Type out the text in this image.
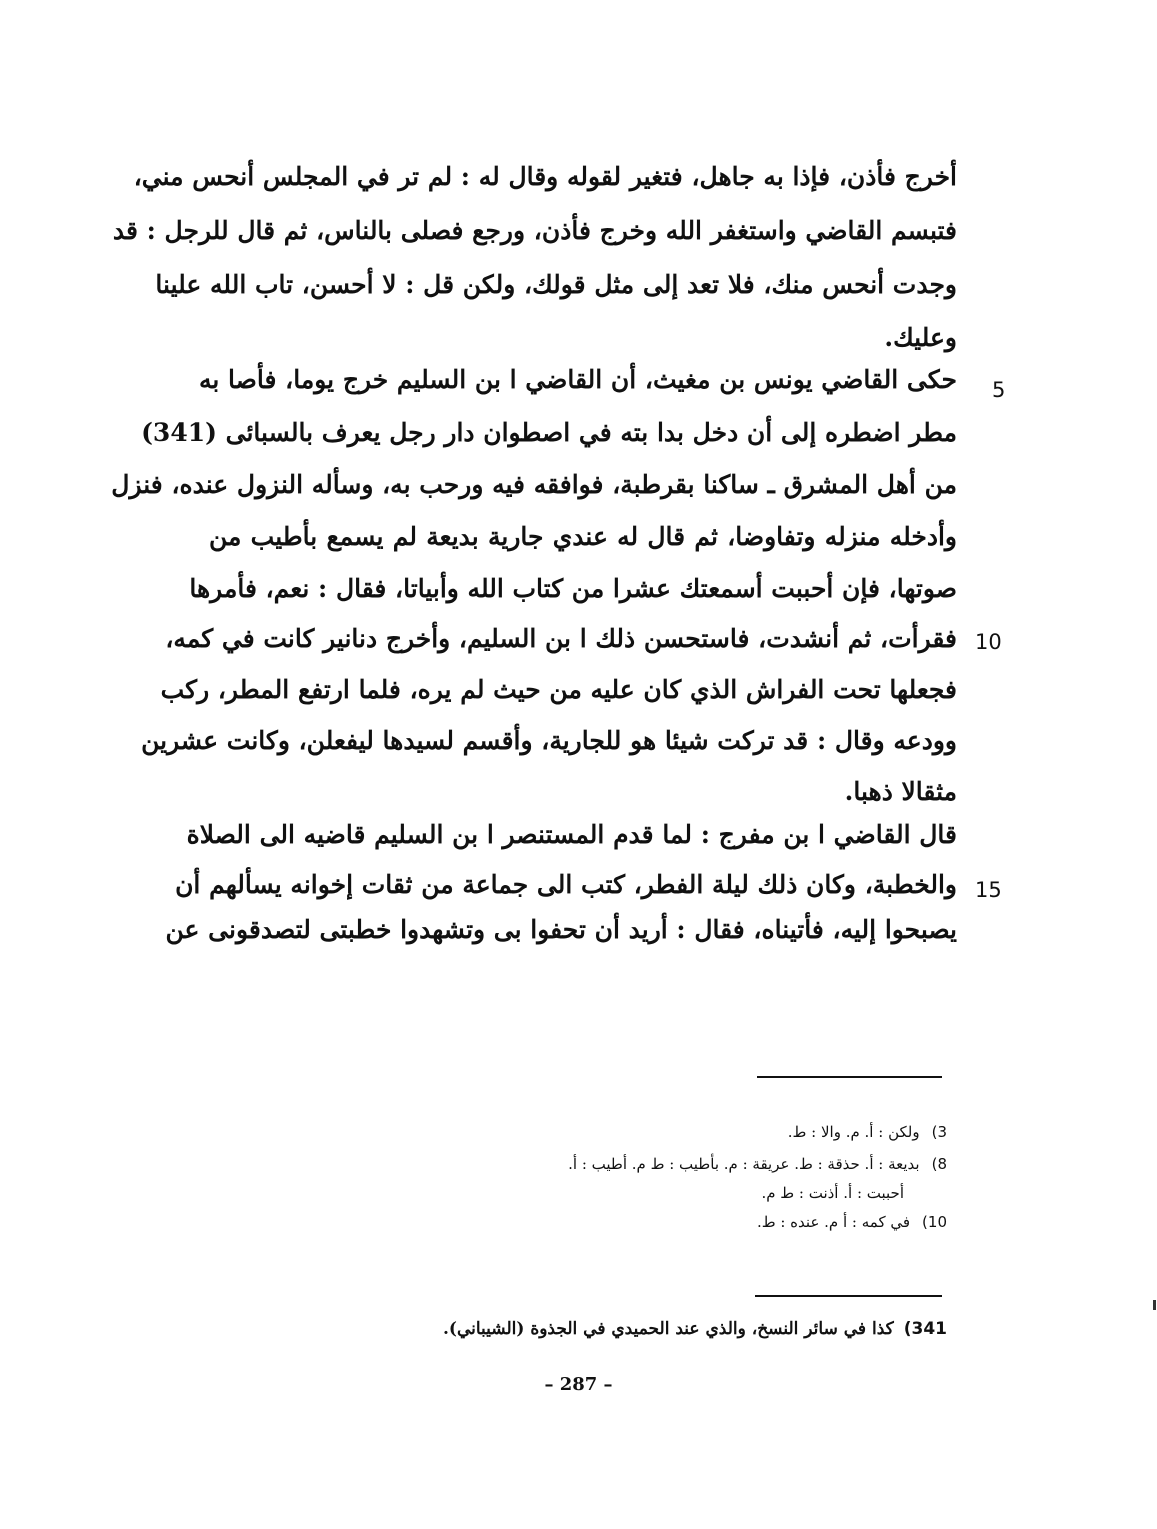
أخرج فأذن، فإذا به جاهل، فتغير لقوله وقال له : لم تر في المجلس أنحس مني،
فتبسم القاضي واستغفر الله وخرج فأذن، ورجع فصلى بالناس، ثم قال للرجل : قد
وجدت أنحس منك، فلا تعد إلى مثل قولك، ولكن قل : لا أحسن، تاب الله علينا
وعليك.
حكى القاضي يونس بن مغيث، أن القاضي ا بن السليم خرج يوما، فأصا به
مطر اضطره إلى أن دخل بدا بته في اصطوان دار رجل يعرف بالسبائى (341)
من أهل المشرق ـ ساكنا بقرطبة، فوافقه فيه ورحب به، وسأله النزول عنده، فنزل
وأدخله منزله وتفاوضا، ثم قال له عندي جارية بديعة لم يسمع بأطيب من
صوتها، فإن أحببت أسمعتك عشرا من كتاب الله وأبياتا، فقال : نعم، فأمرها
فقرأت، ثم أنشدت، فاستحسن ذلك ا بن السليم، وأخرج دنانير كانت في كمه،
فجعلها تحت الفراش الذي كان عليه من حيث لم يره، فلما ارتفع المطر، ركب
وودعه وقال : قد تركت شيئا هو للجارية، وأقسم لسيدها ليفعلن، وكانت عشرين
مثقالا ذهبا.
قال القاضي ا بن مفرج : لما قدم المستنصر ا بن السليم قاضيه الى الصلاة
والخطبة، وكان ذلك ليلة الفطر، كتب الى جماعة من ثقات إخوانه يسألهم أن
يصبحوا إليه، فأتيناه، فقال : أريد أن تحفوا بى وتشهدوا خطبتى لتصدقونى عن
5
10
15
3)ولكن : أ. م. والا : ط.
8)بديعة : أ. حذقة : ط. عريقة : م. بأطيب : ط م. أطيب : أ.
أحببت : أ. أذنت : ط م.
10)في كمه : أ م. عنده : ط.
341)كذا في سائر النسخ، والذي عند الحميدي في الجذوة (الشيباني).
– 287 –
